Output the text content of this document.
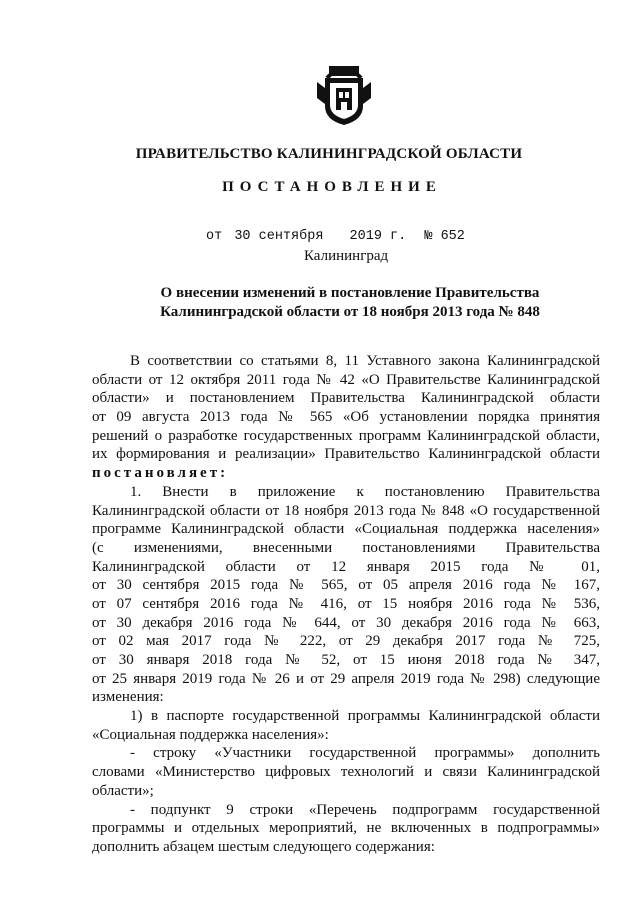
ПРАВИТЕЛЬСТВО КАЛИНИНГРАДСКОЙ ОБЛАСТИ
ПОСТАНОВЛЕНИЕ
от 30 сентября 2019 г. № 652
Калининград
О внесении изменений в постановление Правительства
Калининградской области от 18 ноября 2013 года № 848
В соответствии со статьями 8, 11 Уставного закона Калининградской
области от 12 октября 2011 года № 42 «О Правительстве Калининградской
области» и постановлением Правительства Калининградской области
от 09 августа 2013 года № 565 «Об установлении порядка принятия
решений о разработке государственных программ Калининградской области,
их формирования и реализации» Правительство Калининградской области
постановляет:
1. Внести в приложение к постановлению Правительства
Калининградской области от 18 ноября 2013 года № 848 «О государственной
программе Калининградской области «Социальная поддержка населения»
(с изменениями, внесенными постановлениями Правительства
Калининградской области от 12 января 2015 года № 01,
от 30 сентября 2015 года № 565, от 05 апреля 2016 года № 167,
от 07 сентября 2016 года № 416, от 15 ноября 2016 года № 536,
от 30 декабря 2016 года № 644, от 30 декабря 2016 года № 663,
от 02 мая 2017 года № 222, от 29 декабря 2017 года № 725,
от 30 января 2018 года № 52, от 15 июня 2018 года № 347,
от 25 января 2019 года № 26 и от 29 апреля 2019 года № 298) следующие
изменения:
1) в паспорте государственной программы Калининградской области
«Социальная поддержка населения»:
- строку «Участники государственной программы» дополнить
словами «Министерство цифровых технологий и связи Калининградской
области»;
- подпункт 9 строки «Перечень подпрограмм государственной
программы и отдельных мероприятий, не включенных в подпрограммы»
дополнить абзацем шестым следующего содержания:
